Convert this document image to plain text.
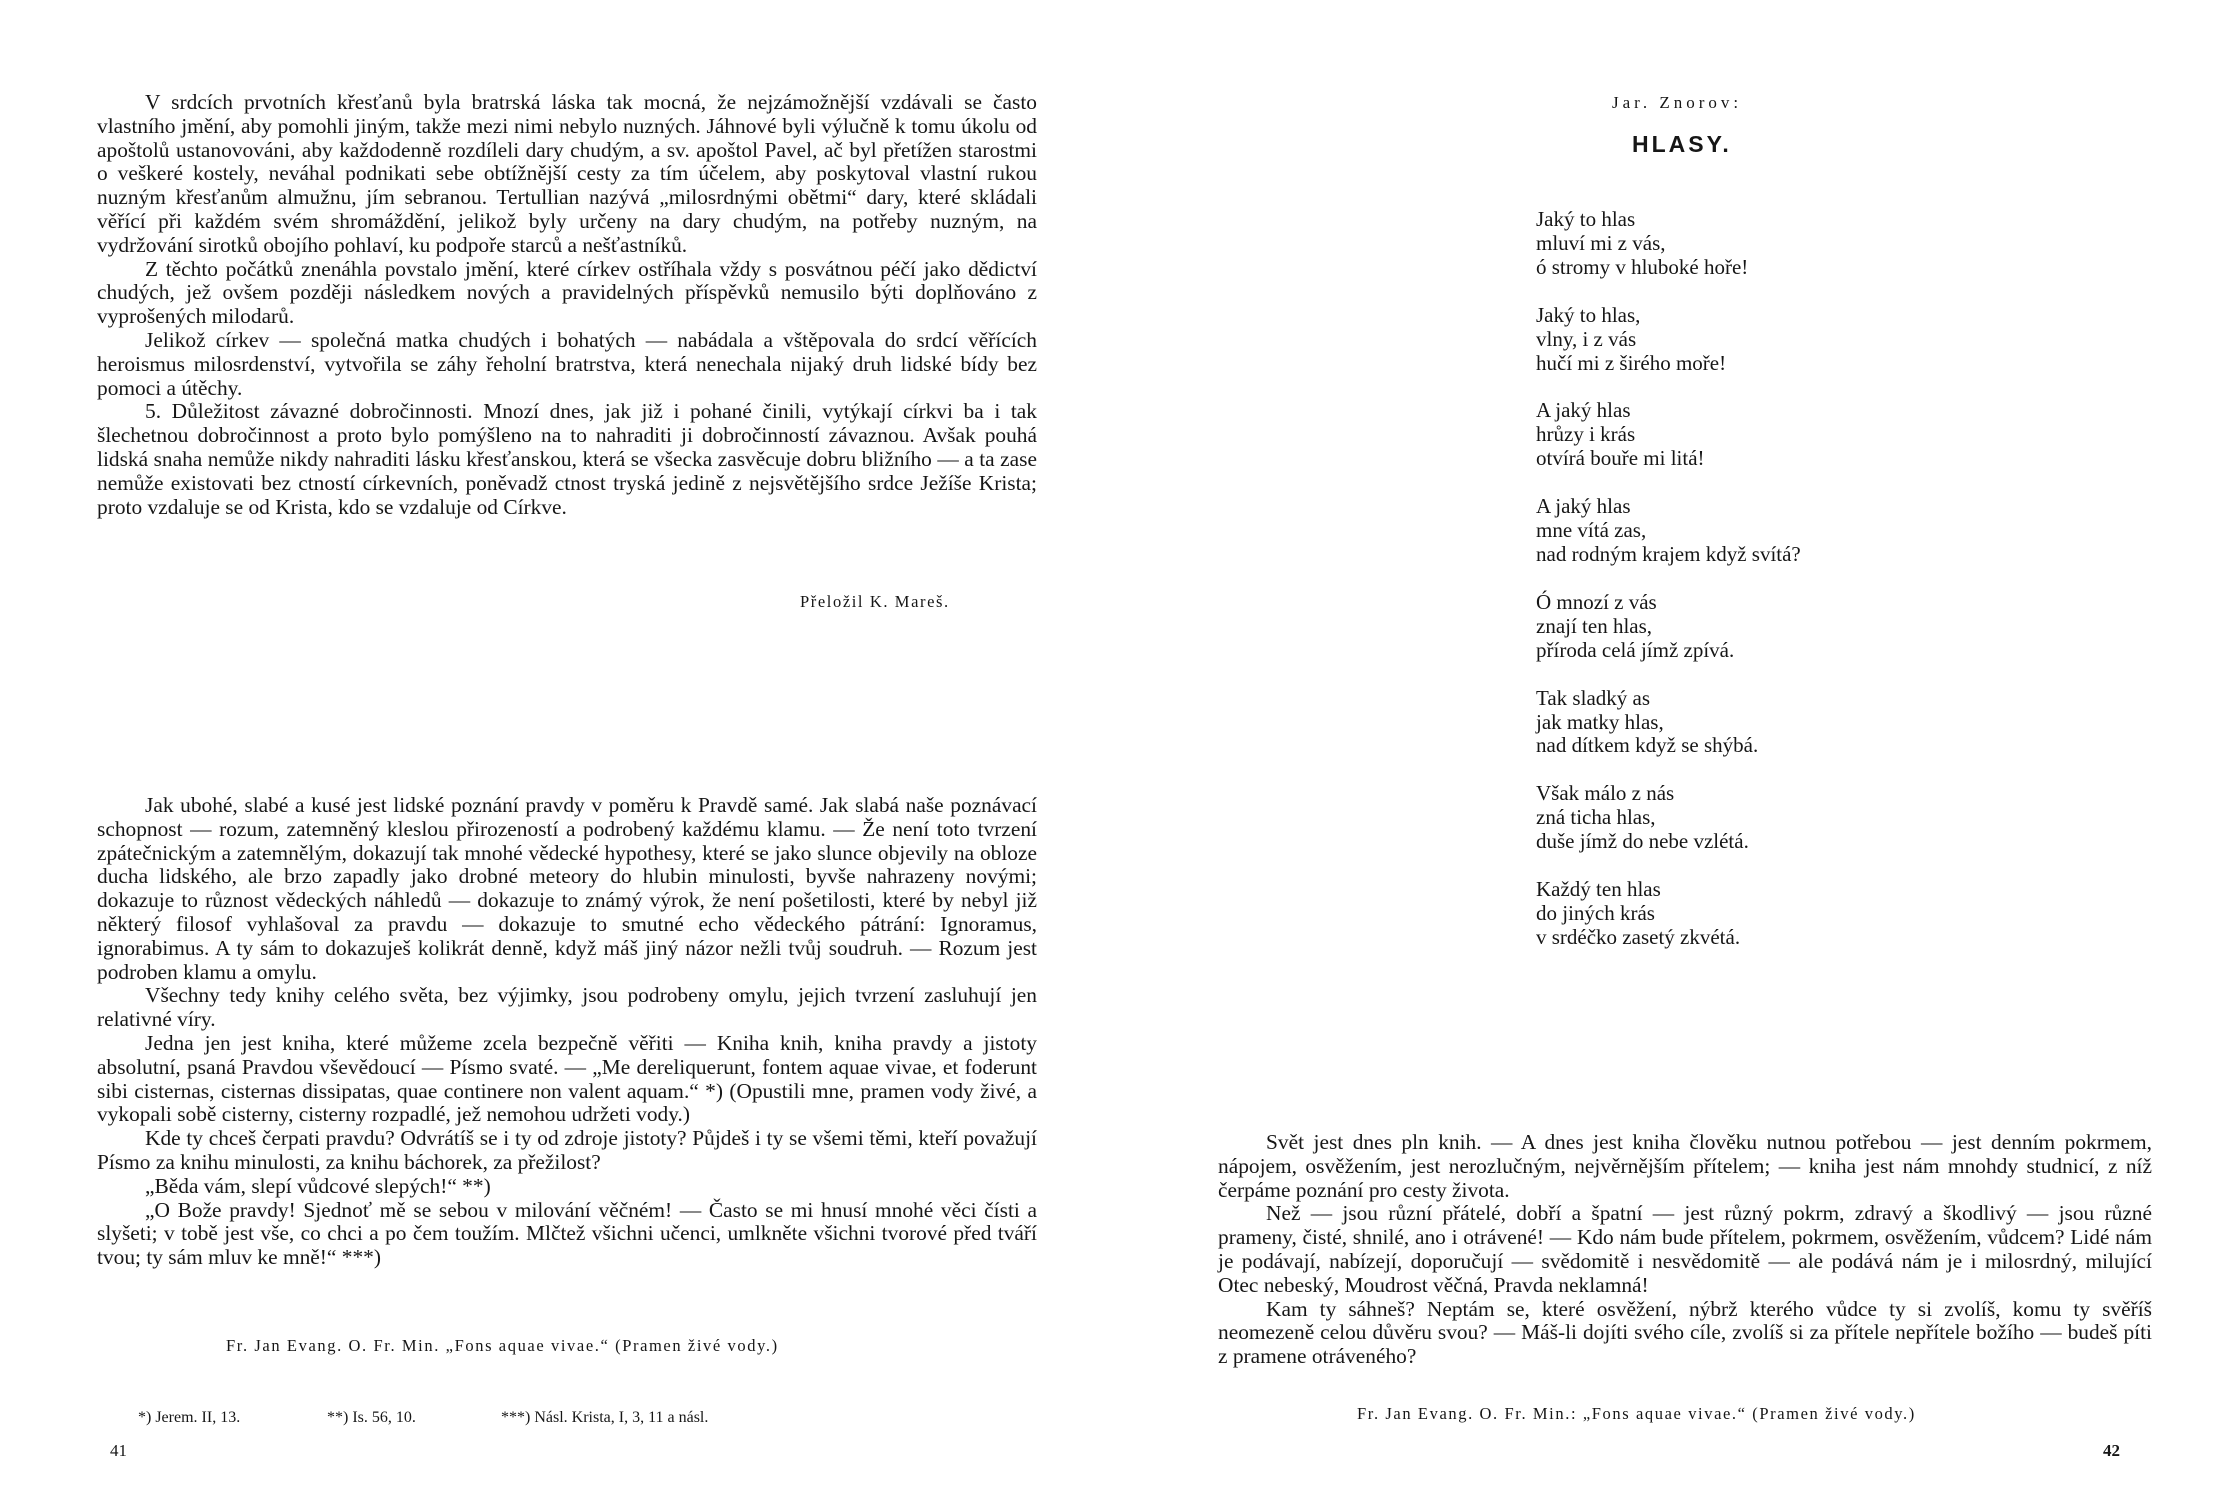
V srdcích prvotních křesťanů byla bratrská láska tak mocná, že nejzámožnější vzdávali se často vlastního jmění, aby pomohli jiným, takže mezi nimi nebylo nuzných. Jáhnové byli výlučně k tomu úkolu od apoštolů ustanovováni, aby každodenně rozdíleli dary chudým, a sv. apoštol Pavel, ač byl přetížen starostmi o veškeré kostely, neváhal podnikati sebe obtížnější cesty za tím účelem, aby poskytoval vlastní rukou nuzným křesťanům almužnu, jím sebranou. Tertullian nazývá „milosrdnými obětmi“ dary, které skládali věřící při každém svém shromáždění, jelikož byly určeny na dary chudým, na potřeby nuzným, na vydržování sirotků obojího pohlaví, ku podpoře starců a nešťastníků.

Z těchto počátků znenáhla povstalo jmění, které církev ostříhala vždy s posvátnou péčí jako dědictví chudých, jež ovšem později následkem nových a pravidelných příspěvků nemusilo býti doplňováno z vyprošených milodarů.

Jelikož církev — společná matka chudých i bohatých — nabádala a vštěpovala do srdcí věřících heroismus milosrdenství, vytvořila se záhy řeholní bratrstva, která nenechala nijaký druh lidské bídy bez pomoci a útěchy.

5. Důležitost závazné dobročinnosti. Mnozí dnes, jak již i pohané činili, vytýkají církvi ba i tak šlechetnou dobročinnost a proto bylo pomýšleno na to nahraditi ji dobročinností závaznou. Avšak pouhá lidská snaha nemůže nikdy nahraditi lásku křesťanskou, která se všecka zasvěcuje dobru bližního — a ta zase nemůže existovati bez ctností církevních, poněvadž ctnost tryská jedině z nejsvětějšího srdce Ježíše Krista; proto vzdaluje se od Krista, kdo se vzdaluje od Církve.

Přeložil K. Mareš.

Jak ubohé, slabé a kusé jest lidské poznání pravdy v poměru k Pravdě samé. Jak slabá naše poznávací schopnost — rozum, zatemněný kleslou přirozeností a podrobený každému klamu. — Že není toto tvrzení zpátečnickým a zatemnělým, dokazují tak mnohé vědecké hypothesy, které se jako slunce objevily na obloze ducha lidského, ale brzo zapadly jako drobné meteory do hlubin minulosti, byvše nahrazeny novými; dokazuje to různost vědeckých náhledů — dokazuje to známý výrok, že není pošetilosti, které by nebyl již některý filosof vyhlašoval za pravdu — dokazuje to smutné echo vědeckého pátrání: Ignoramus, ignorabimus. A ty sám to dokazuješ kolikrát denně, když máš jiný názor nežli tvůj soudruh. — Rozum jest podroben klamu a omylu.

Všechny tedy knihy celého světa, bez výjimky, jsou podrobeny omylu, jejich tvrzení zasluhují jen relativné víry.

Jedna jen jest kniha, které můžeme zcela bezpečně věřiti — Kniha knih, kniha pravdy a jistoty absolutní, psaná Pravdou vševědoucí — Písmo svaté. — „Me dereliquerunt, fontem aquae vivae, et foderunt sibi cisternas, cisternas dissipatas, quae continere non valent aquam.“ *) (Opustili mne, pramen vody živé, a vykopali sobě cisterny, cisterny rozpadlé, jež nemohou udržeti vody.)

Kde ty chceš čerpati pravdu? Odvrátíš se i ty od zdroje jistoty? Půjdeš i ty se všemi těmi, kteří považují Písmo za knihu minulosti, za knihu báchorek, za přežilost?

„Běda vám, slepí vůdcové slepých!“ **)

„O Bože pravdy! Sjednoť mě se sebou v milování věčném! — Často se mi hnusí mnohé věci čísti a slyšeti; v tobě jest vše, co chci a po čem toužím. Mlčtež všichni učenci, umlkněte všichni tvorové před tváří tvou; ty sám mluv ke mně!“ ***)

Fr. Jan Evang. O. Fr. Min. „Fons aquae vivae.“ (Pramen živé vody.)
*) Jerem. II, 13.	**) Is. 56, 10.	***) Násl. Krista, I, 3, 11 a násl.
41
Jar. Znorov:
HLASY.
Jaký to hlas
mluví mi z vás,
ó stromy v hluboké hoře!
Jaký to hlas,
vlny, i z vás
hučí mi z širého moře!
A jaký hlas
hrůzy i krás
otvírá bouře mi litá!
A jaký hlas
mne vítá zas,
nad rodným krajem když svítá?
Ó mnozí z vás
znají ten hlas,
příroda celá jímž zpívá.
Tak sladký as
jak matky hlas,
nad dítkem když se shýbá.
Však málo z nás
zná ticha hlas,
duše jímž do nebe vzlétá.
Každý ten hlas
do jiných krás
v srdéčko zasetý zkvétá.

Svět jest dnes pln knih. — A dnes jest kniha člověku nutnou potřebou — jest denním pokrmem, nápojem, osvěžením, jest nerozlučným, nejvěrnějším přítelem; — kniha jest nám mnohdy studnicí, z níž čerpáme poznání pro cesty života.

Než — jsou různí přátelé, dobří a špatní — jest různý pokrm, zdravý a škodlivý — jsou různé prameny, čisté, shnilé, ano i otrávené! — Kdo nám bude přítelem, pokrmem, osvěžením, vůdcem? Lidé nám je podávají, nabízejí, doporučují — svědomitě i nesvědomitě — ale podává nám je i milosrdný, milující Otec nebeský, Moudrost věčná, Pravda neklamná!

Kam ty sáhneš? Neptám se, které osvěžení, nýbrž kterého vůdce ty si zvolíš, komu ty svěříš neomezeně celou důvěru svou? — Máš-li dojíti svého cíle, zvolíš si za přítele nepřítele božího — budeš píti z pramene otráveného?

Fr. Jan Evang. O. Fr. Min.: „Fons aquae vivae.“ (Pramen živé vody.)
42
